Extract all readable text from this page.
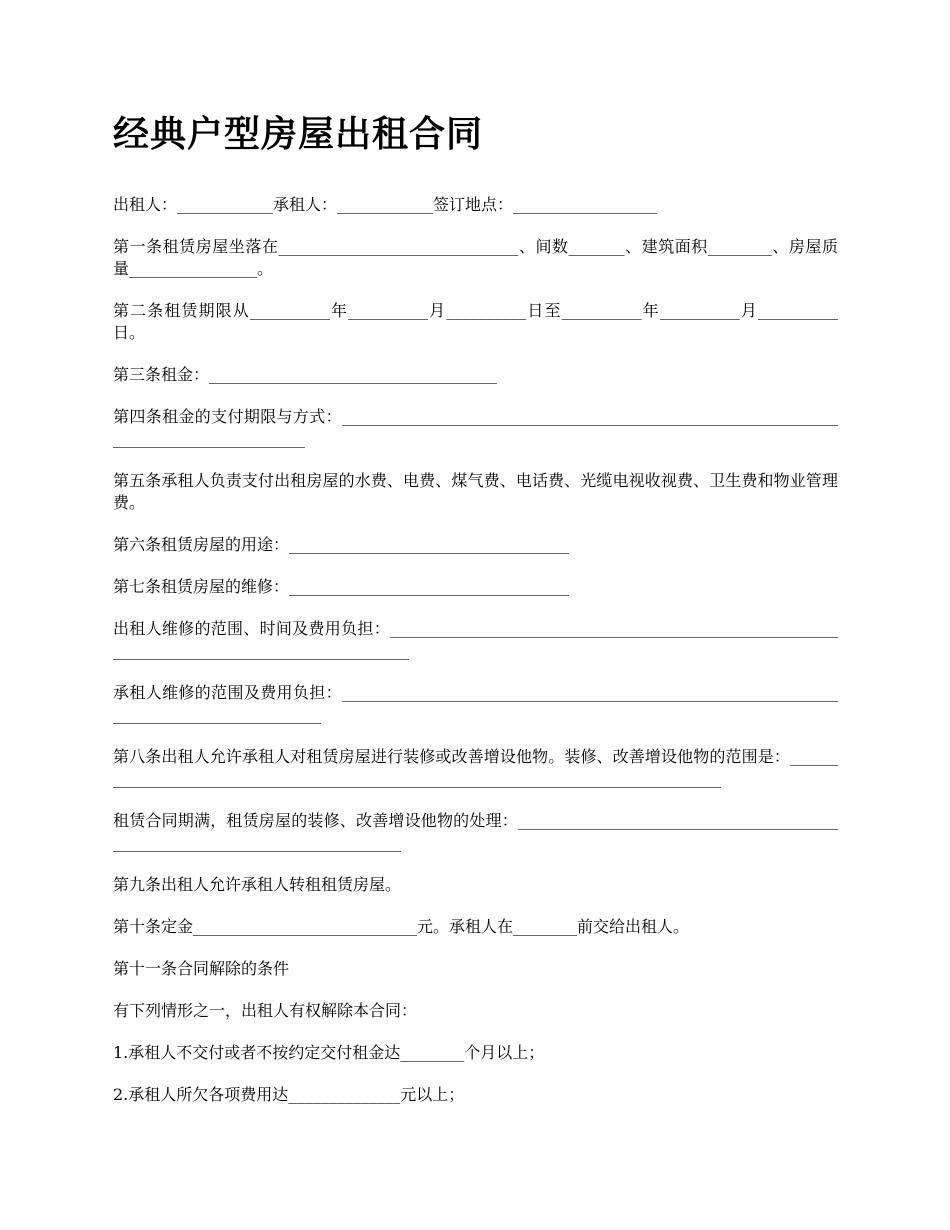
经典户型房屋出租合同

出租人：____________承租人：____________签订地点：__________________

第一条租赁房屋坐落在______________________________、间数_______、建筑面积________、房屋质量________________。

第二条租赁期限从__________年__________月__________日至__________年__________月__________日。

第三条租金：____________________________________

第四条租金的支付期限与方式：______________________________________________________________________________________

第五条承租人负责支付出租房屋的水费、电费、煤气费、电话费、光缆电视收视费、卫生费和物业管理费。

第六条租赁房屋的用途：___________________________________

第七条租赁房屋的维修：___________________________________

出租人维修的范围、时间及费用负担：_____________________________________________________________________________________________

承租人维修的范围及费用负担：________________________________________________________________________________________

第八条出租人允许承租人对租赁房屋进行装修或改善增设他物。装修、改善增设他物的范围是：__________________________________________________________________________________

租赁合同期满，租赁房屋的装修、改善增设他物的处理：____________________________________________________________________________

第九条出租人允许承租人转租租赁房屋。

第十条定金____________________________元。承租人在________前交给出租人。

第十一条合同解除的条件

有下列情形之一，出租人有权解除本合同：

1.承租人不交付或者不按约定交付租金达________个月以上；

2.承租人所欠各项费用达______________元以上；
